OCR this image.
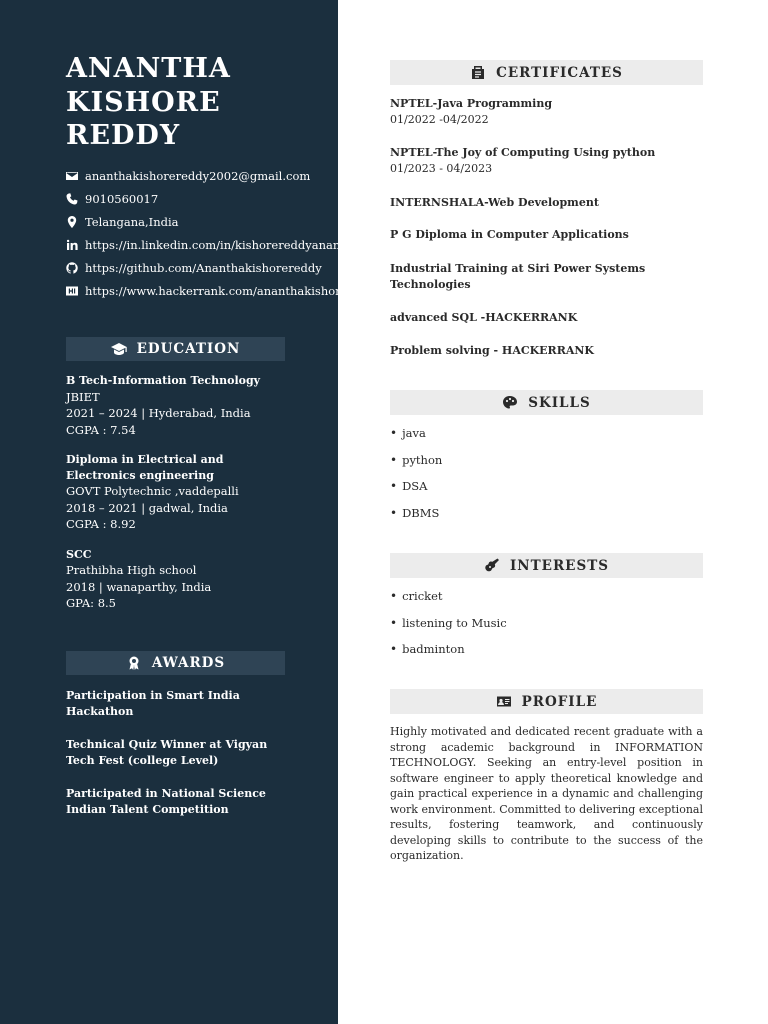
ANANTHA
KISHORE
REDDY
ananthakishorereddy2002@gmail.com
9010560017
Telangana,India
https://in.linkedin.com/in/kishorereddyananth
https://github.com/Ananthakishorereddy
https://www.hackerrank.com/ananthakishorereddy
EDUCATION
B Tech-Information Technology
JBIET
2021 – 2024 | Hyderabad, India
CGPA : 7.54
Diploma in Electrical and Electronics engineering
GOVT Polytechnic ,vaddepalli
2018 – 2021 | gadwal, India
CGPA : 8.92
SCC
Prathibha High school
2018 | wanaparthy, India
GPA: 8.5
AWARDS
Participation in Smart India Hackathon
Technical Quiz Winner at Vigyan Tech Fest (college Level)
Participated in National Science Indian Talent Competition
CERTIFICATES
NPTEL-Java Programming
01/2022 -04/2022
NPTEL-The Joy of Computing Using python
01/2023 - 04/2023
INTERNSHALA-Web Development
P G Diploma in Computer Applications
Industrial Training at Siri Power Systems Technologies
advanced SQL -HACKERRANK
Problem solving - HACKERRANK
SKILLS
• java
• python
• DSA
• DBMS
INTERESTS
• cricket
• listening to Music
• badminton
PROFILE

Highly motivated and dedicated recent graduate with a strong academic background in INFORMATION TECHNOLOGY. Seeking an entry-level position in software engineer to apply theoretical knowledge and gain practical experience in a dynamic and challenging work environment. Committed to delivering exceptional results, fostering teamwork, and continuously developing skills to contribute to the success of the organization.
